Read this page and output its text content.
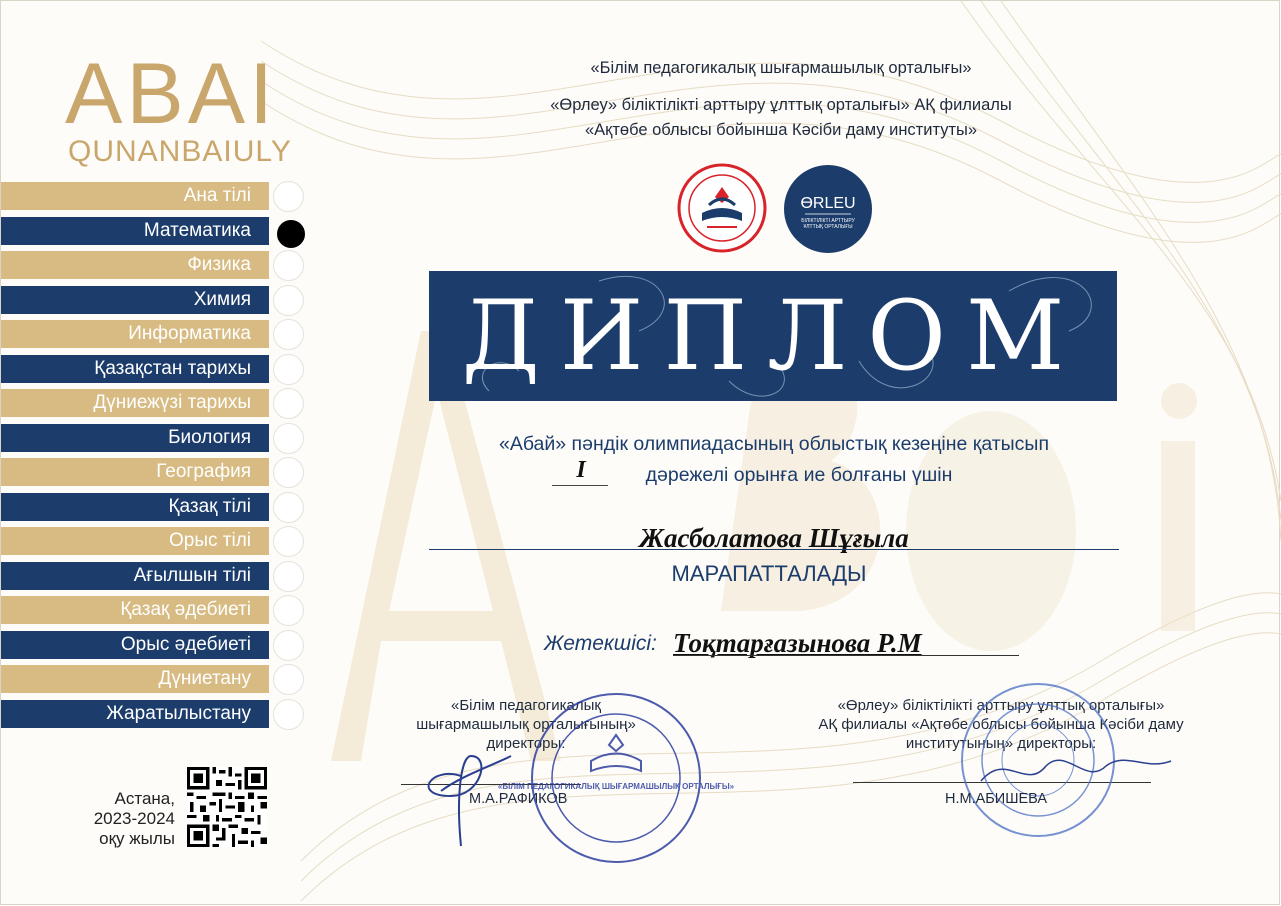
ABAI
QUNANBAIULY
Ана тілі
Математика
Физика
Химия
Информатика
Қазақстан тарихы
Дүниежүзі тарихы
Биология
География
Қазақ тілі
Орыс тілі
Ағылшын тілі
Қазақ әдебиеті
Орыс әдебиеті
Дүниетану
Жаратылыстану
Астана,
2023-2024
оқу жылы
«Білім педагогикалық шығармашылық орталығы»
«Өрлеу» біліктілікті арттыру ұлттық орталығы» АҚ филиалы
«Ақтөбе облысы бойынша Кәсіби даму институты»
ƟRLEU
БІЛІКТІЛІКТІ АРТТЫРУ
ҰЛТТЫҚ ОРТАЛЫҒЫ
ДИПЛОМ
«Абай» пәндік олимпиадасының облыстық кезеңіне қатысып
I	дәрежелі орынға ие болғаны үшін
Жасболатова Шұғыла
МАРАПАТТАЛАДЫ
Жетекшісі: Тоқтарғазынова Р.М
«Білім педагогикалық
шығармашылық орталығының»
директоры:
М.А.РАФИКОВ
«БІЛІМ ПЕДАГОГИКАЛЫҚ ШЫҒАРМАШЫЛЫҚ ОРТАЛЫҒЫ»
«Өрлеу» біліктілікті арттыру ұлттық орталығы»
АҚ филиалы «Ақтөбе облысы бойынша Кәсіби даму
институтының» директоры:
Н.М.АБИШЕВА
